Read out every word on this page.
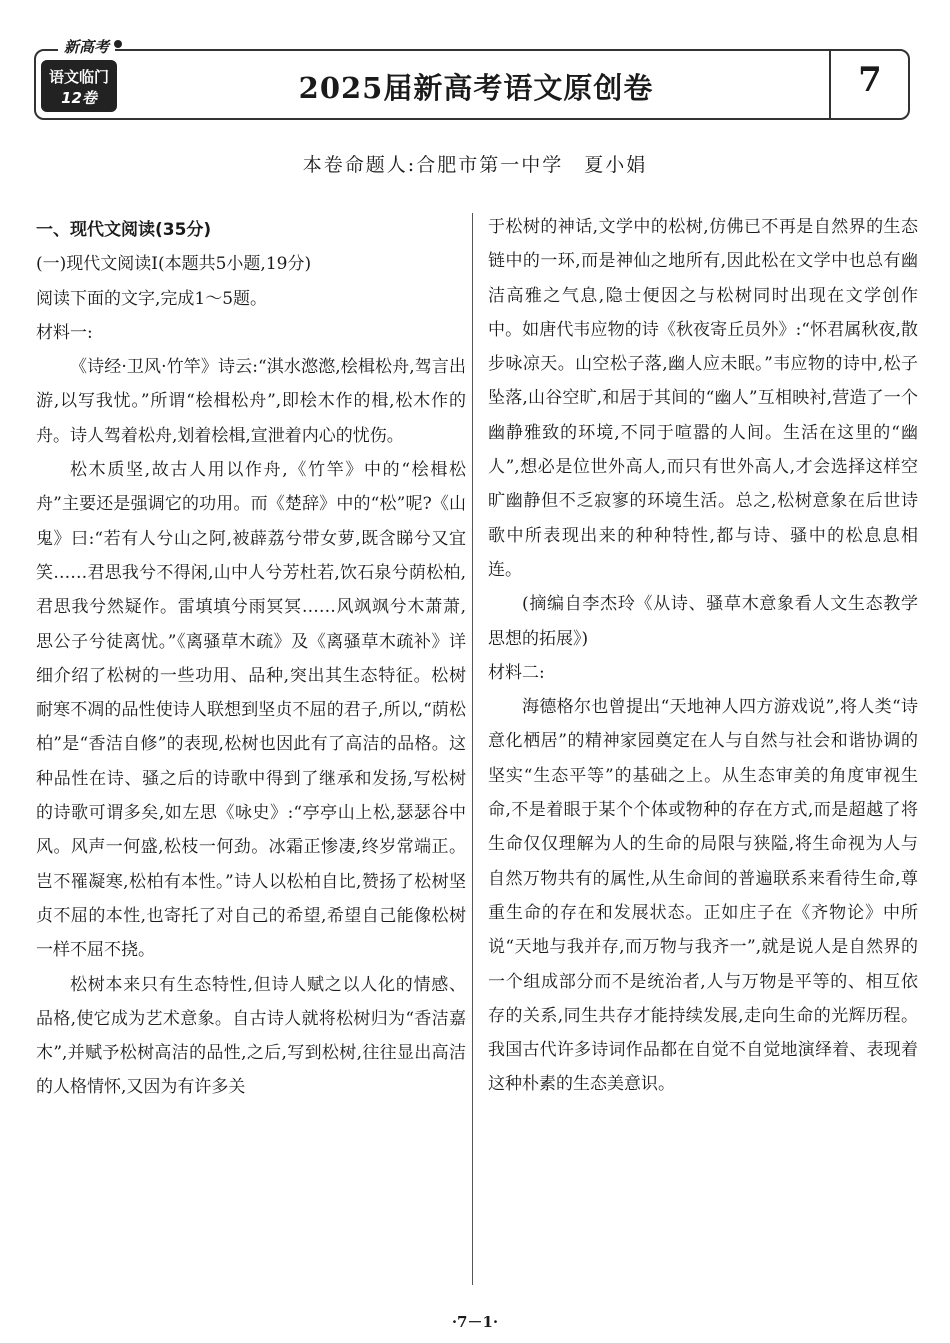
新高考
语文临门
12卷	2025届新高考语文原创卷	7
本卷命题人:合肥市第一中学　夏小娟

一、现代文阅读(35分)

(一)现代文阅读Ⅰ(本题共5小题,19分)

阅读下面的文字,完成1～5题。

材料一:

《诗经·卫风·竹竿》诗云:“淇水滺滺,桧楫松舟,驾言出游,以写我忧。”所谓“桧楫松舟”,即桧木作的楫,松木作的舟。诗人驾着松舟,划着桧楫,宣泄着内心的忧伤。

松木质坚,故古人用以作舟,《竹竿》中的“桧楫松舟”主要还是强调它的功用。而《楚辞》中的“松”呢?《山鬼》曰:“若有人兮山之阿,被薜荔兮带女萝,既含睇兮又宜笑……君思我兮不得闲,山中人兮芳杜若,饮石泉兮荫松柏,君思我兮然疑作。雷填填兮雨冥冥……风飒飒兮木萧萧,思公子兮徒离忧。”《离骚草木疏》及《离骚草木疏补》详细介绍了松树的一些功用、品种,突出其生态特征。松树耐寒不凋的品性使诗人联想到坚贞不屈的君子,所以,“荫松柏”是“香洁自修”的表现,松树也因此有了高洁的品格。这种品性在诗、骚之后的诗歌中得到了继承和发扬,写松树的诗歌可谓多矣,如左思《咏史》:“亭亭山上松,瑟瑟谷中风。风声一何盛,松枝一何劲。冰霜正惨凄,终岁常端正。岂不罹凝寒,松柏有本性。”诗人以松柏自比,赞扬了松树坚贞不屈的本性,也寄托了对自己的希望,希望自己能像松树一样不屈不挠。

松树本来只有生态特性,但诗人赋之以人化的情感、品格,使它成为艺术意象。自古诗人就将松树归为“香洁嘉木”,并赋予松树高洁的品性,之后,写到松树,往往显出高洁的人格情怀,又因为有许多关

于松树的神话,文学中的松树,仿佛已不再是自然界的生态链中的一环,而是神仙之地所有,因此松在文学中也总有幽洁高雅之气息,隐士便因之与松树同时出现在文学创作中。如唐代韦应物的诗《秋夜寄丘员外》:“怀君属秋夜,散步咏凉天。山空松子落,幽人应未眠。”韦应物的诗中,松子坠落,山谷空旷,和居于其间的“幽人”互相映衬,营造了一个幽静雅致的环境,不同于喧嚣的人间。生活在这里的“幽人”,想必是位世外高人,而只有世外高人,才会选择这样空旷幽静但不乏寂寥的环境生活。总之,松树意象在后世诗歌中所表现出来的种种特性,都与诗、骚中的松息息相连。

(摘编自李杰玲《从诗、骚草木意象看人文生态教学思想的拓展》)

材料二:

海德格尔也曾提出“天地神人四方游戏说”,将人类“诗意化栖居”的精神家园奠定在人与自然与社会和谐协调的坚实“生态平等”的基础之上。从生态审美的角度审视生命,不是着眼于某个个体或物种的存在方式,而是超越了将生命仅仅理解为人的生命的局限与狭隘,将生命视为人与自然万物共有的属性,从生命间的普遍联系来看待生命,尊重生命的存在和发展状态。正如庄子在《齐物论》中所说“天地与我并存,而万物与我齐一”,就是说人是自然界的一个组成部分而不是统治者,人与万物是平等的、相互依存的关系,同生共存才能持续发展,走向生命的光辉历程。我国古代许多诗词作品都在自觉不自觉地演绎着、表现着这种朴素的生态美意识。

·7－1·
